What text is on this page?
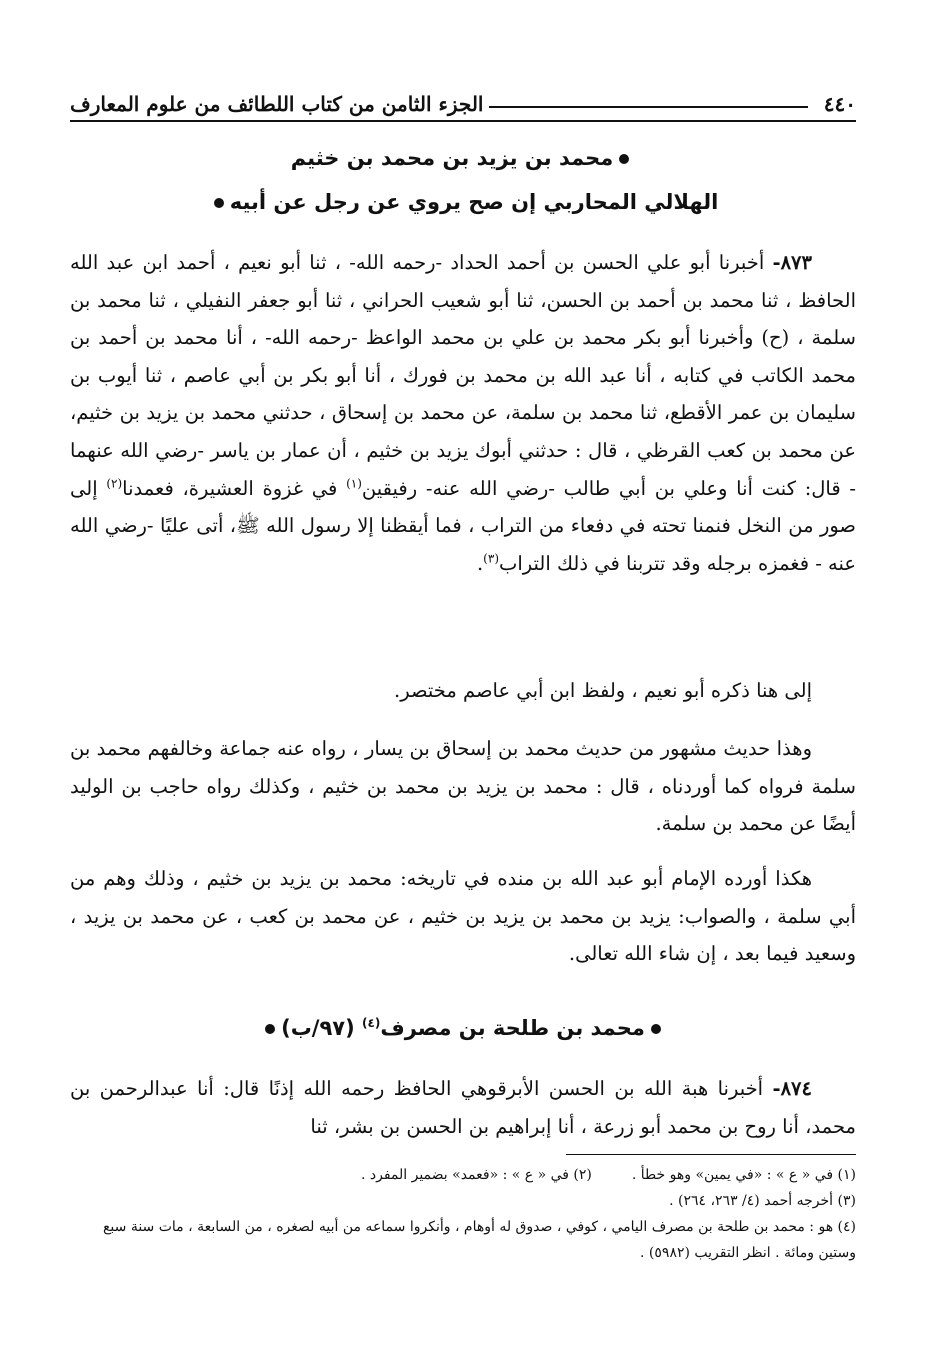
٤٤٠
الجزء الثامن من كتاب اللطائف من علوم المعارف
محمد بن يزيد بن محمد بن خثيم
الهلالي المحاربي إن صح يروي عن رجل عن أبيه
٨٧٣- أخبرنا أبو علي الحسن بن أحمد الحداد -رحمه الله- ، ثنا أبو نعيم ، أحمد ابن عبد الله الحافظ ، ثنا محمد بن أحمد بن الحسن، ثنا أبو شعيب الحراني ، ثنا أبو جعفر النفيلي ، ثنا محمد بن سلمة ، (ح) وأخبرنا أبو بكر محمد بن علي بن محمد الواعظ -رحمه الله- ، أنا محمد بن أحمد بن محمد الكاتب في كتابه ، أنا عبد الله بن محمد بن فورك ، أنا أبو بكر بن أبي عاصم ، ثنا أيوب بن سليمان بن عمر الأقطع، ثنا محمد بن سلمة، عن محمد بن إسحاق ، حدثني محمد بن يزيد بن خثيم، عن محمد بن كعب القرظي ، قال : حدثني أبوك يزيد بن خثيم ، أن عمار بن ياسر -رضي الله عنهما - قال: كنت أنا وعلي بن أبي طالب -رضي الله عنه- رفيقين$^{(١)}$ في غزوة العشيرة، فعمدنا$^{(٢)}$ إلى صور من النخل فنمنا تحته في دفعاء من التراب ، فما أيقظنا إلا رسول الله ﷺ، أتى عليًا -رضي الله عنه - فغمزه برجله وقد تتربنا في ذلك التراب$^{(٣)}$.
إلى هنا ذكره أبو نعيم ، ولفظ ابن أبي عاصم مختصر.
وهذا حديث مشهور من حديث محمد بن إسحاق بن يسار ، رواه عنه جماعة وخالفهم محمد بن سلمة فرواه كما أوردناه ، قال : محمد بن يزيد بن محمد بن خثيم ، وكذلك رواه حاجب بن الوليد أيضًا عن محمد بن سلمة.
هكذا أورده الإمام أبو عبد الله بن منده في تاريخه: محمد بن يزيد بن خثيم ، وذلك وهم من أبي سلمة ، والصواب: يزيد بن محمد بن يزيد بن خثيم ، عن محمد بن كعب ، عن محمد بن يزيد ، وسعيد فيما بعد ، إن شاء الله تعالى.
محمد بن طلحة بن مصرف$^{(٤)}$ (٩٧/ب)
٨٧٤- أخبرنا هبة الله بن الحسن الأبرقوهي الحافظ رحمه الله إذنًا قال: أنا عبدالرحمن بن محمد، أنا روح بن محمد أبو زرعة ، أنا إبراهيم بن الحسن بن بشر، ثنا
(١) في « ع » : «في يمين» وهو خطأ .
(٢) في « ع » : «فعمد» بضمير المفرد .
(٣) أخرجه أحمد (٤/ ٢٦٣، ٢٦٤) .
(٤) هو : محمد بن طلحة بن مصرف اليامي ، كوفي ، صدوق له أوهام ، وأنكروا سماعه من أبيه لصغره ، من السابعة ، مات سنة سبع وستين ومائة . انظر التقريب (٥٩٨٢) .
